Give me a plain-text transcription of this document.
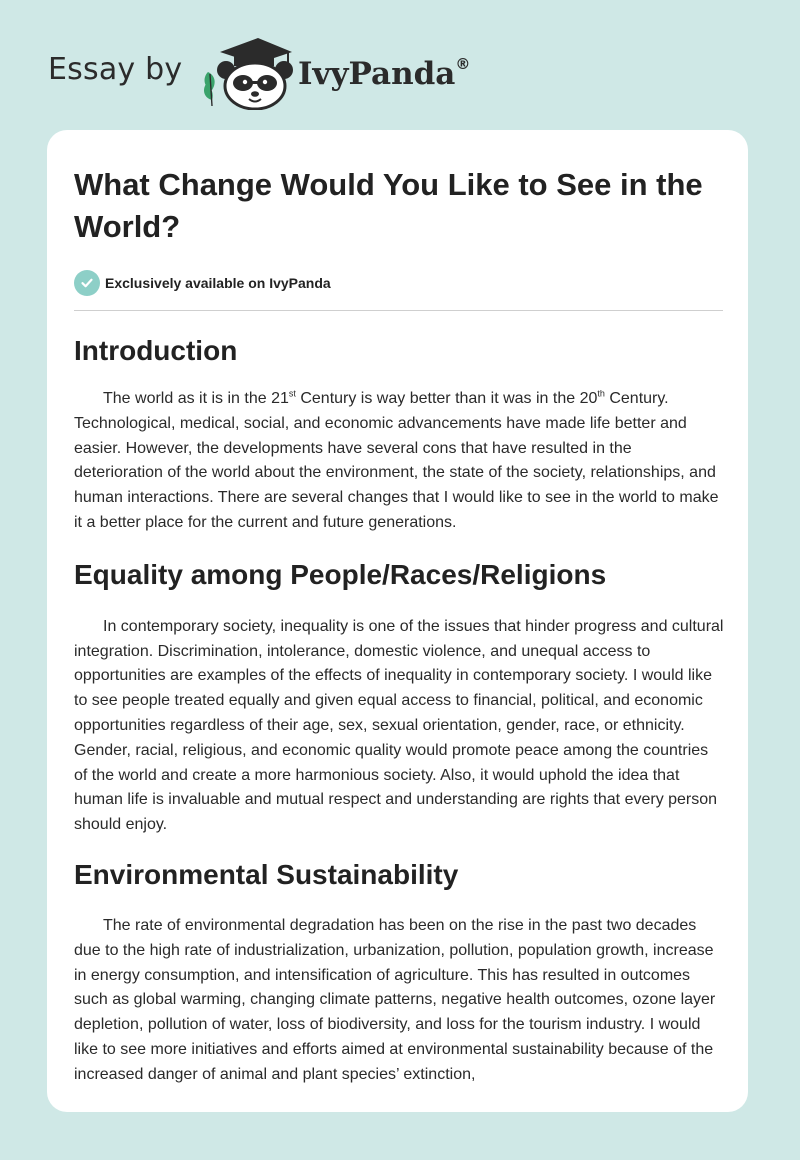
Essay by	IvyPanda®
What Change Would You Like to See in the World?
Exclusively available on IvyPanda
Introduction

The world as it is in the 21st Century is way better than it was in the 20th Century. Technological, medical, social, and economic advancements have made life better and easier. However, the developments have several cons that have resulted in the deterioration of the world about the environment, the state of the society, relationships, and human interactions. There are several changes that I would like to see in the world to make it a better place for the current and future generations.

Equality among People/Races/Religions

In contemporary society, inequality is one of the issues that hinder progress and cultural integration. Discrimination, intolerance, domestic violence, and unequal access to opportunities are examples of the effects of inequality in contemporary society. I would like to see people treated equally and given equal access to financial, political, and economic opportunities regardless of their age, sex, sexual orientation, gender, race, or ethnicity. Gender, racial, religious, and economic quality would promote peace among the countries of the world and create a more harmonious society. Also, it would uphold the idea that human life is invaluable and mutual respect and understanding are rights that every person should enjoy.

Environmental Sustainability

The rate of environmental degradation has been on the rise in the past two decades due to the high rate of industrialization, urbanization, pollution, population growth, increase in energy consumption, and intensification of agriculture. This has resulted in outcomes such as global warming, changing climate patterns, negative health outcomes, ozone layer depletion, pollution of water, loss of biodiversity, and loss for the tourism industry. I would like to see more initiatives and efforts aimed at environmental sustainability because of the increased danger of animal and plant species’ extinction,
